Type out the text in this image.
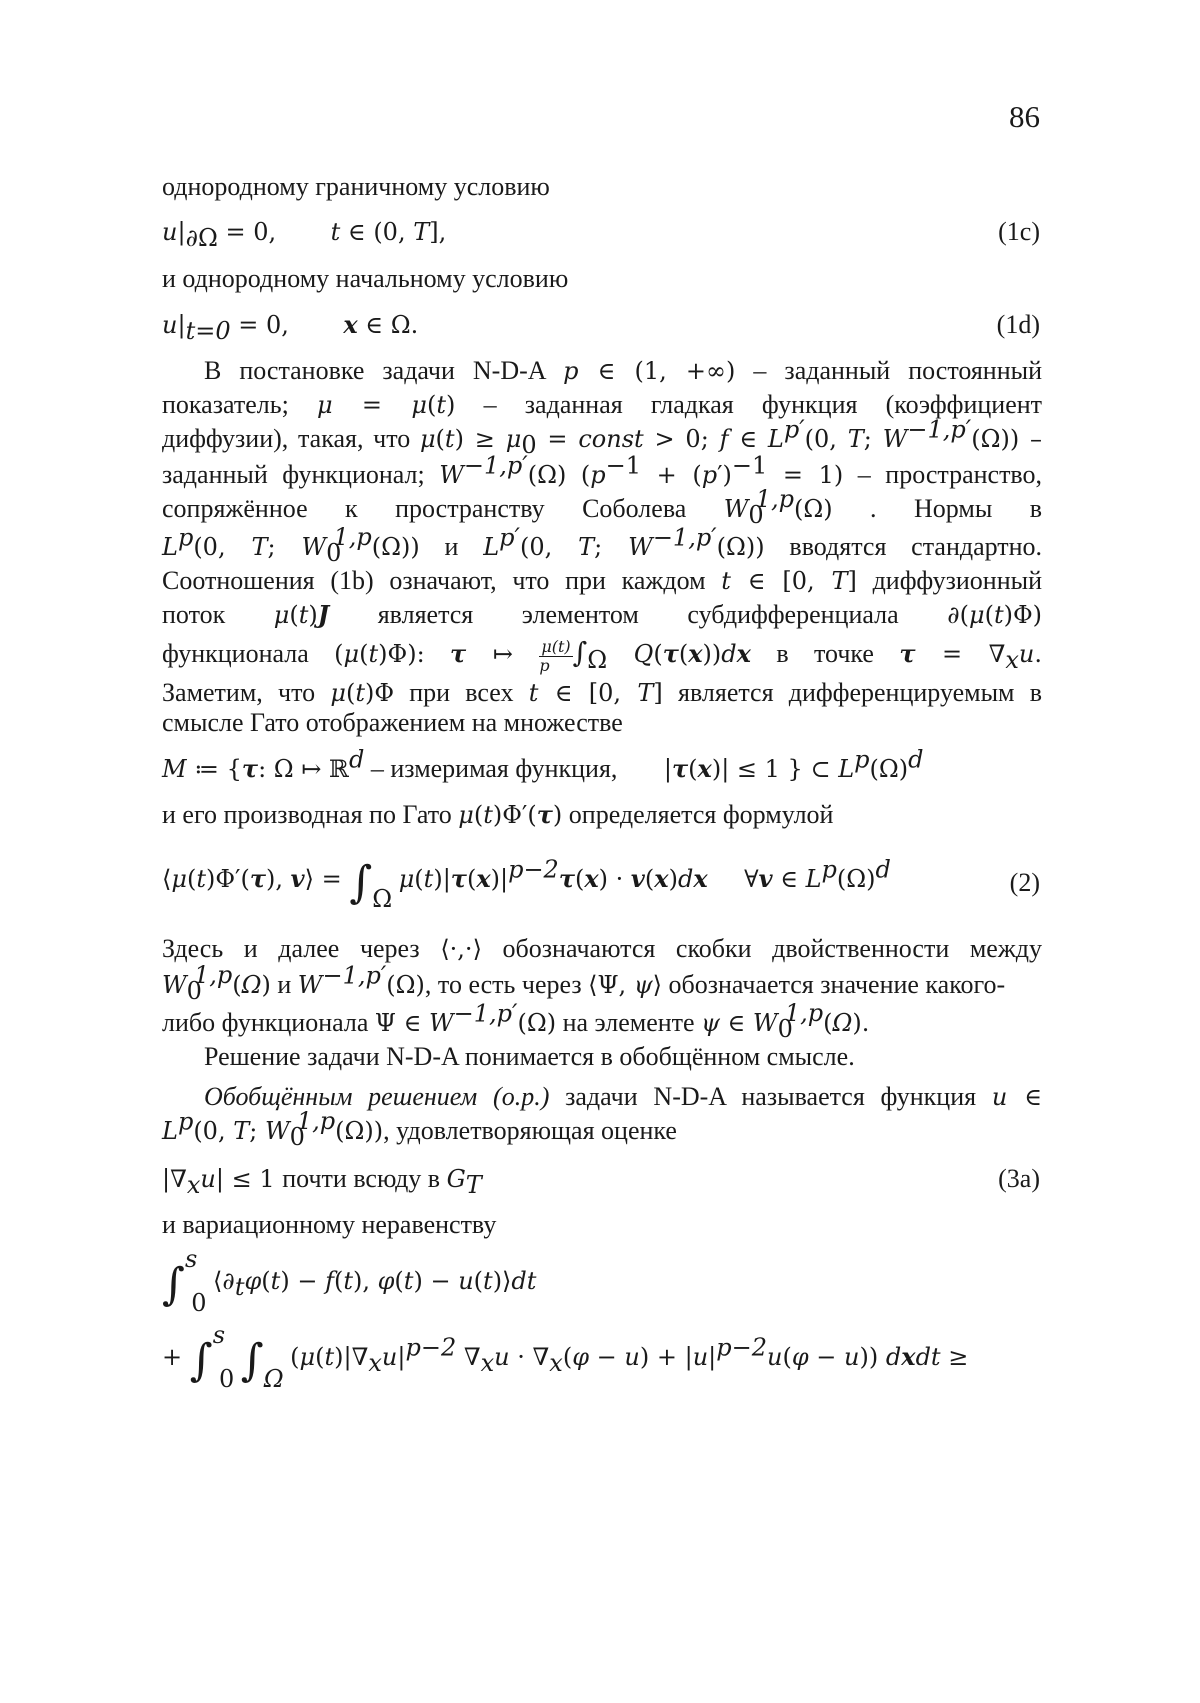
86
однородному граничному условию
$u|_{\partial\Omega} = 0$, t ∈ (0, T],	(1c)
и однородному начальному условию
$u|_{t=0} = 0$, x ∈ Ω.	(1d)
В постановке задачи N-D-A p ∈ (1, +∞) – заданный постоянный
показатель; μ = μ(t) – заданная гладкая функция (коэффициент
диффузии), такая, что $\mu(t) \ge \mu_0$ = const > 0; f ∈ $L^{p'}(0$, T; $W^{-1,p'}(\Omega)$) –
заданный функционал; $W^{-1,p'}(\Omega) (p^{-1} + (p')^{-1} = 1)$ – пространство,
сопряжённое к пространству Соболева $W_0^{1,p}(\Omega)$ . Нормы в
$L^p(0$, T; $W_0^{1,p}(\Omega)$) и $L^{p'}(0$, T; $W^{-1,p'}(\Omega)$) вводятся стандартно.
Соотношения (1b) означают, что при каждом t ∈ [0, T] диффузионный
поток μ(t)J является элементом субдифференциала ∂(μ(t)Φ)
функционала (μ(t)Φ): τ ↦ $\frac{\mu(t)}{p} \int_\Omega$ Q(τ(x))dx в точке $\tau = \nabla_xu$.
Заметим, что μ(t)Φ при всех t ∈ [0, T] является дифференцируемым в
смысле Гато отображением на множестве
M ≔ {τ: Ω ↦ ℝ$^d$ – измеримая функция, |τ(x)| ≤ 1 } ⊂ $L^p(\Omega)^d$
и его производная по Гато μ(t)Φ′(τ) определяется формулой
⟨μ(t)Φ′(τ), v⟩ = $\int_\Omega$ $\mu(t)|\tau(x)|^{p-2}\tau(x) \cdot v(x)dx$ ∀v ∈ $L^p(\Omega)^d$	(2)
Здесь и далее через ⟨·,·⟩ обозначаются скобки двойственности между
$W_0^{1,p}(\Omega)$ и $W^{-1,p'}(\Omega)$, то есть через ⟨Ψ, ψ⟩ обозначается значение какого-
либо функционала Ψ ∈ $W^{-1,p'}(\Omega)$ на элементе ψ ∈ $W_0^{1,p}(\Omega)$.
Решение задачи N-D-A понимается в обобщённом смысле.
Обобщённым решением (о.р.) задачи N-D-A называется функция u ∈
$L^p(0$, T; $W_0^{1,p}(\Omega)$), удовлетворяющая оценке
$|\nabla_xu| \le 1$ почти всюду в $G_T$	(3a)
и вариационному неравенству
∫$^s_0$ $⟨\partial_t\varphi(t) - f(t)$, φ(t) − u(t)⟩dt
+ ∫$^s_0$ $\int_\Omega$ ($\mu(t)|\nabla_xu|^{p-2}$ $\nabla_xu \cdot \nabla_x(\varphi - u) + |u|^{p-2}u(\varphi - u)$) dxdt ≥
